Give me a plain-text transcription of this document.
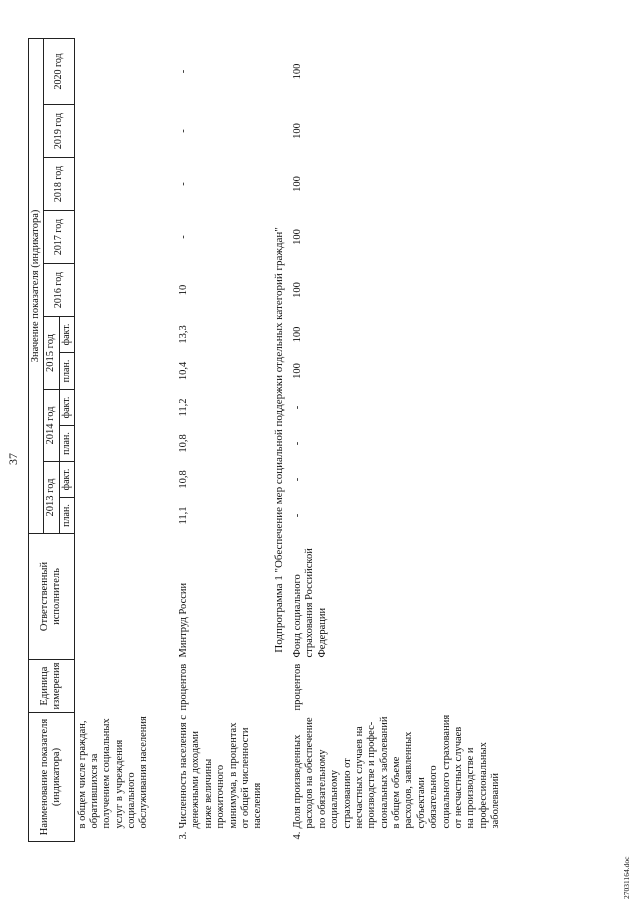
37
Наименование показателя (индикатора)		Единица измерения	Ответственный исполнитель	Значение показателя (индикатора)										
				2013 год		2014 год		2015 год		2016 год	2017 год	2018 год	2019 год	2020 год
				план.	факт.	план.	факт.	план.	факт.					
	в общем числе граждан, обратившихся за получением социальных услуг в учреждения социального обслуживания населения													
3.	Численность населения с денежными доходами ниже величины прожиточного минимума, в процентах от общей численности населения	процентов	Минтруд России	11,1	10,8	10,8	11,2	10,4	13,3	10	-	-	-	-
Подпрограмма 1 "Обеспечение мер социальной поддержки отдельных категорий граждан"														
4.	Доля произведенных расходов на обеспечение по обязательному социальному страхованию от несчастных случаев на производстве и профес-сиональных заболеваний в общем объеме расходов, заявленных субъектами обязательного социального страхования от несчастных случаев на производстве и профессиональных заболеваний	процентов	Фонд социального страхования Российской Федерации	-	-	-	-	100	100	100	100	100	100	100
27031164.doc
